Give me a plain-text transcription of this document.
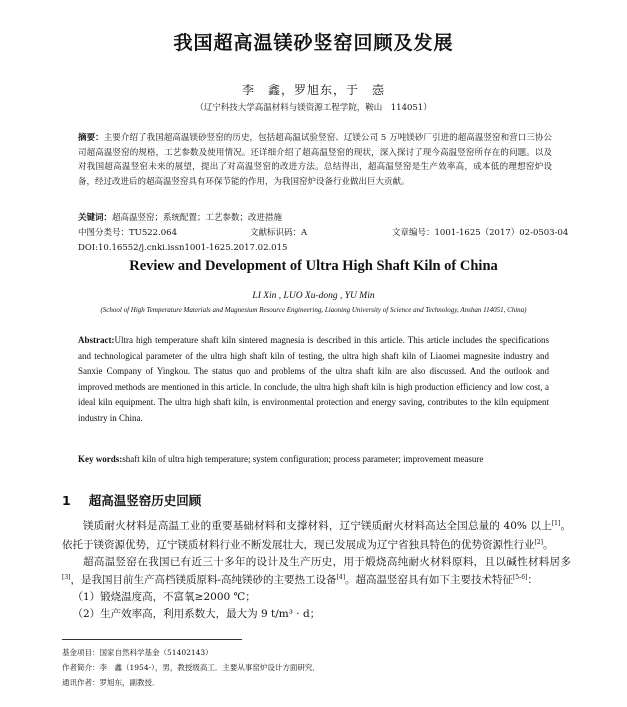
我国超高温镁砂竖窑回顾及发展
李　鑫，罗旭东，于　悫
（辽宁科技大学高温材料与镁资源工程学院，鞍山　114051）
摘要：主要介绍了我国超高温镁砂竖窑的历史，包括超高温试验竖窑、辽镁公司 5 万吨镁砂厂引进的超高温竖窑和营口三协公司超高温竖窑的规格，工艺参数及使用情况。还详细介绍了超高温竖窑的现状，深入探讨了现今高温竖窑所存在的问题。以及对我国超高温竖窑未来的展望，提出了对高温竖窑的改进方法。总结得出，超高温竖窑是生产效率高，成本低的理想窑炉设备，经过改进后的超高温竖窑具有环保节能的作用，为我国窑炉设备行业做出巨大贡献。
关键词：超高温竖窑；系统配置；工艺参数；改进措施
中图分类号：TU522.064	文献标识码：A	文章编号：1001-1625（2017）02-0503-04
DOI:10.16552/j.cnki.issn1001-1625.2017.02.015
Review and Development of Ultra High Shaft Kiln of China
LI Xin , LUO Xu-dong , YU Min
(School of High Temperature Materials and Magnesium Resource Engineering, Liaoning University of Science and Technology, Anshan 114051, China)
Abstract:Ultra high temperature shaft kiln sintered magnesia is described in this article. This article includes the specifications and technological parameter of the ultra high shaft kiln of testing, the ultra high shaft kiln of Liaomei magnesite industry and Sanxie Company of Yingkou. The status quo and problems of the ultra shaft kiln are also discussed. And the outlook and improved methods are mentioned in this article. In conclude, the ultra high shaft kiln is high production efficiency and low cost, a ideal kiln equipment. The ultra high shaft kiln, is environmental protection and energy saving, contributes to the kiln equipment industry in China.
Key words:shaft kiln of ultra high temperature; system configuration; process parameter; improvement measure
1 超高温竖窑历史回顾

镁质耐火材料是高温工业的重要基础材料和支撑材料，辽宁镁质耐火材料高达全国总量的 40% 以上[1]。依托于镁资源优势，辽宁镁质材料行业不断发展壮大，现已发展成为辽宁省独具特色的优势资源性行业[2]。

超高温竖窑在我国已有近三十多年的设计及生产历史，用于煅烧高纯耐火材料原料，且以碱性材料居多[3]，是我国目前生产高档镁质原料-高纯镁砂的主要热工设备[4]。超高温竖窑具有如下主要技术特征[5-6]：

（1）锻烧温度高，不富氧≥2000 ℃；

（2）生产效率高，利用系数大，最大为 9 t/m³ · d；

基金项目：国家自然科学基金（51402143）
作者简介：李　鑫（1954-），男，教授级高工．主要从事窑炉设计方面研究．
通讯作者：罗旭东，副教授．
